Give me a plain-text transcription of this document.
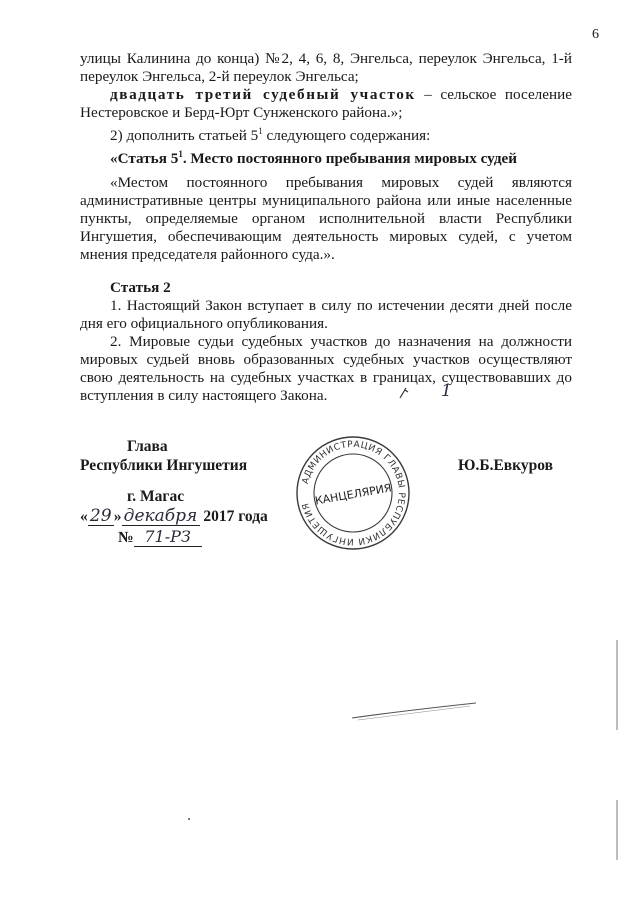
6
улицы Калинина до конца) №2, 4, 6, 8, Энгельса, переулок Энгельса, 1-й
переулок Энгельса, 2-й переулок Энгельса;
двадцать третий судебный участок – сельское поселение
Нестеровское и Берд-Юрт Сунженского района.»;
2) дополнить статьей $5^1$ следующего содержания:
«Статья $5^1$. Место постоянного пребывания мировых судей
«Местом постоянного пребывания мировых судей являются
административные центры муниципального района или иные населенные
пункты, определяемые органом исполнительной власти Республики
Ингушетия, обеспечивающим деятельность мировых судей, с учетом
мнения председателя районного суда.».
Статья 2
1. Настоящий Закон вступает в силу по истечении десяти дней после
дня его официального опубликования.
2. Мировые судьи судебных участков до назначения на должности
мировых судьей вновь образованных судебных участков осуществляют
свою деятельность на судебных участках в границах, существовавших до
вступления в силу настоящего Закона.	1
Глава
Республики Ингушетия	Ю.Б.Евкуров
г. Магас
« 29 » декабря 2017 года
№ 71-РЗ
АДМИНИСТРАЦИЯ ГЛАВЫ РЕСПУБЛИКИ ИНГУШЕТИЯ КАНЦЕЛЯРИЯ
